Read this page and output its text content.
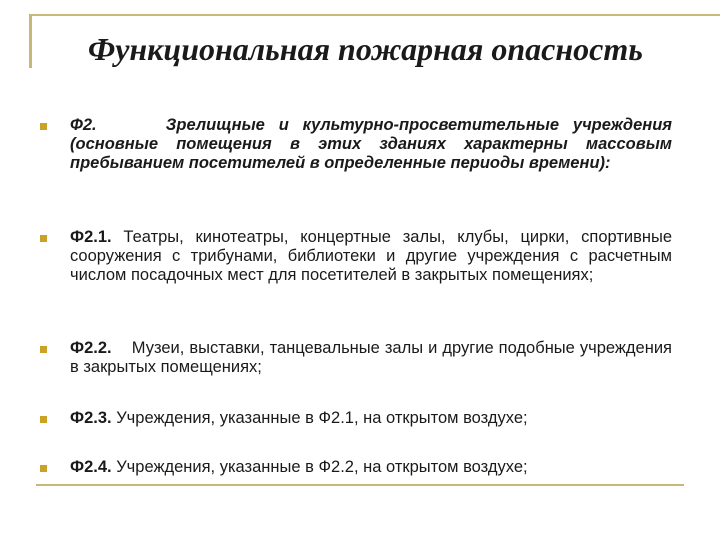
Функциональная пожарная опасность
Ф2.	Зрелищные и культурно-просветительные учреждения (основные помещения в этих зданиях характерны массовым пребыванием посетителей в определенные периоды времени):
Ф2.1. Театры, кинотеатры, концертные залы, клубы, цирки, спортивные сооружения с трибунами, библиотеки и другие учреждения с расчетным числом посадочных мест для посетителей в закрытых помещениях;
Ф2.2. Музеи, выставки, танцевальные залы и другие подобные учреждения в закрытых помещениях;
Ф2.3. Учреждения, указанные в Ф2.1, на открытом воздухе;
Ф2.4. Учреждения, указанные в Ф2.2, на открытом воздухе;
